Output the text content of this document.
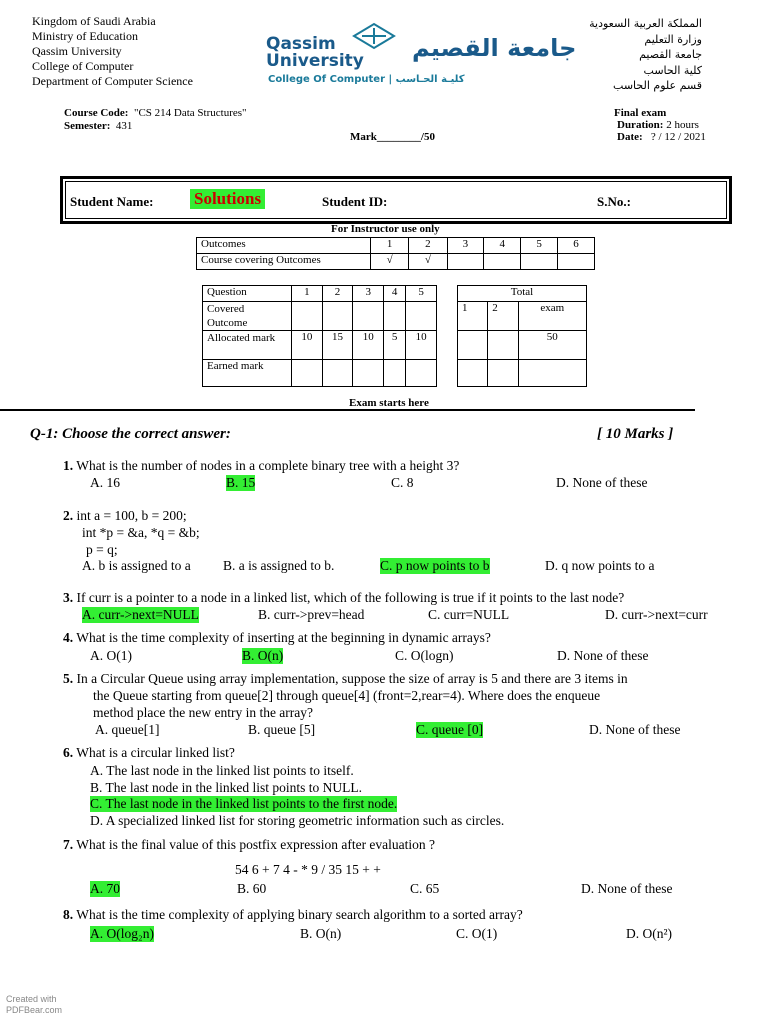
Kingdom of Saudi Arabia
Ministry of Education
Qassim University
College of Computer
Department of Computer Science
Qassim University	جامعة القصيم
College Of Computer | كليـة الحـاسب
المملكة العربية السعودية
وزارة التعليم
جامعة القصيم
كلية الحاسب
قسم علوم الحاسب
Course Code: "CS 214 Data Structures"
Semester: 431
Mark________/50
Final exam
Duration: 2 hours
Date: ? / 12 / 2021
Student Name: Solutions	Student ID:	S.No.:
For Instructor use only
Outcomes	1	2	3	4	5	6
Course covering Outcomes	√	√				
Question	1	2	3	4	5
Covered Outcome					
Allocated mark	10	15	10	5	10
Earned mark					
Total		
1	2	exam
		50

Exam starts here
Q-1: Choose the correct answer:	[ 10 Marks ]
1. What is the number of nodes in a complete binary tree with a height 3?
A. 16	B. 15	C. 8	D. None of these
2. int a = 100, b = 200;
int *p = &a, *q = &b;
p = q;
A. b is assigned to a B. a is assigned to b.	C. p now points to b	D. q now points to a
3. If curr is a pointer to a node in a linked list, which of the following is true if it points to the last node?
A. curr->next=NULL	B. curr->prev=head	C. curr=NULL	D. curr->next=curr
4. What is the time complexity of inserting at the beginning in dynamic arrays?
A. O(1)	B. O(n)	C. O(logn)	D. None of these
5. In a Circular Queue using array implementation, suppose the size of array is 5 and there are 3 items in
the Queue starting from queue[2] through queue[4] (front=2,rear=4). Where does the enqueue
method place the new entry in the array?
A. queue[1]	B. queue [5]	C. queue [0]	D. None of these
6. What is a circular linked list?
A. The last node in the linked list points to itself.
B. The last node in the linked list points to NULL.
C. The last node in the linked list points to the first node.
D. A specialized linked list for storing geometric information such as circles.
7. What is the final value of this postfix expression after evaluation ?
54 6 + 7 4 - * 9 / 35 15 + +
A. 70	B. 60	C. 65	D. None of these
8. What is the time complexity of applying binary search algorithm to a sorted array?
A. O(log₂n)	B. O(n)	C. O(1)	D. O(n²)
Created with
PDFBear.com
